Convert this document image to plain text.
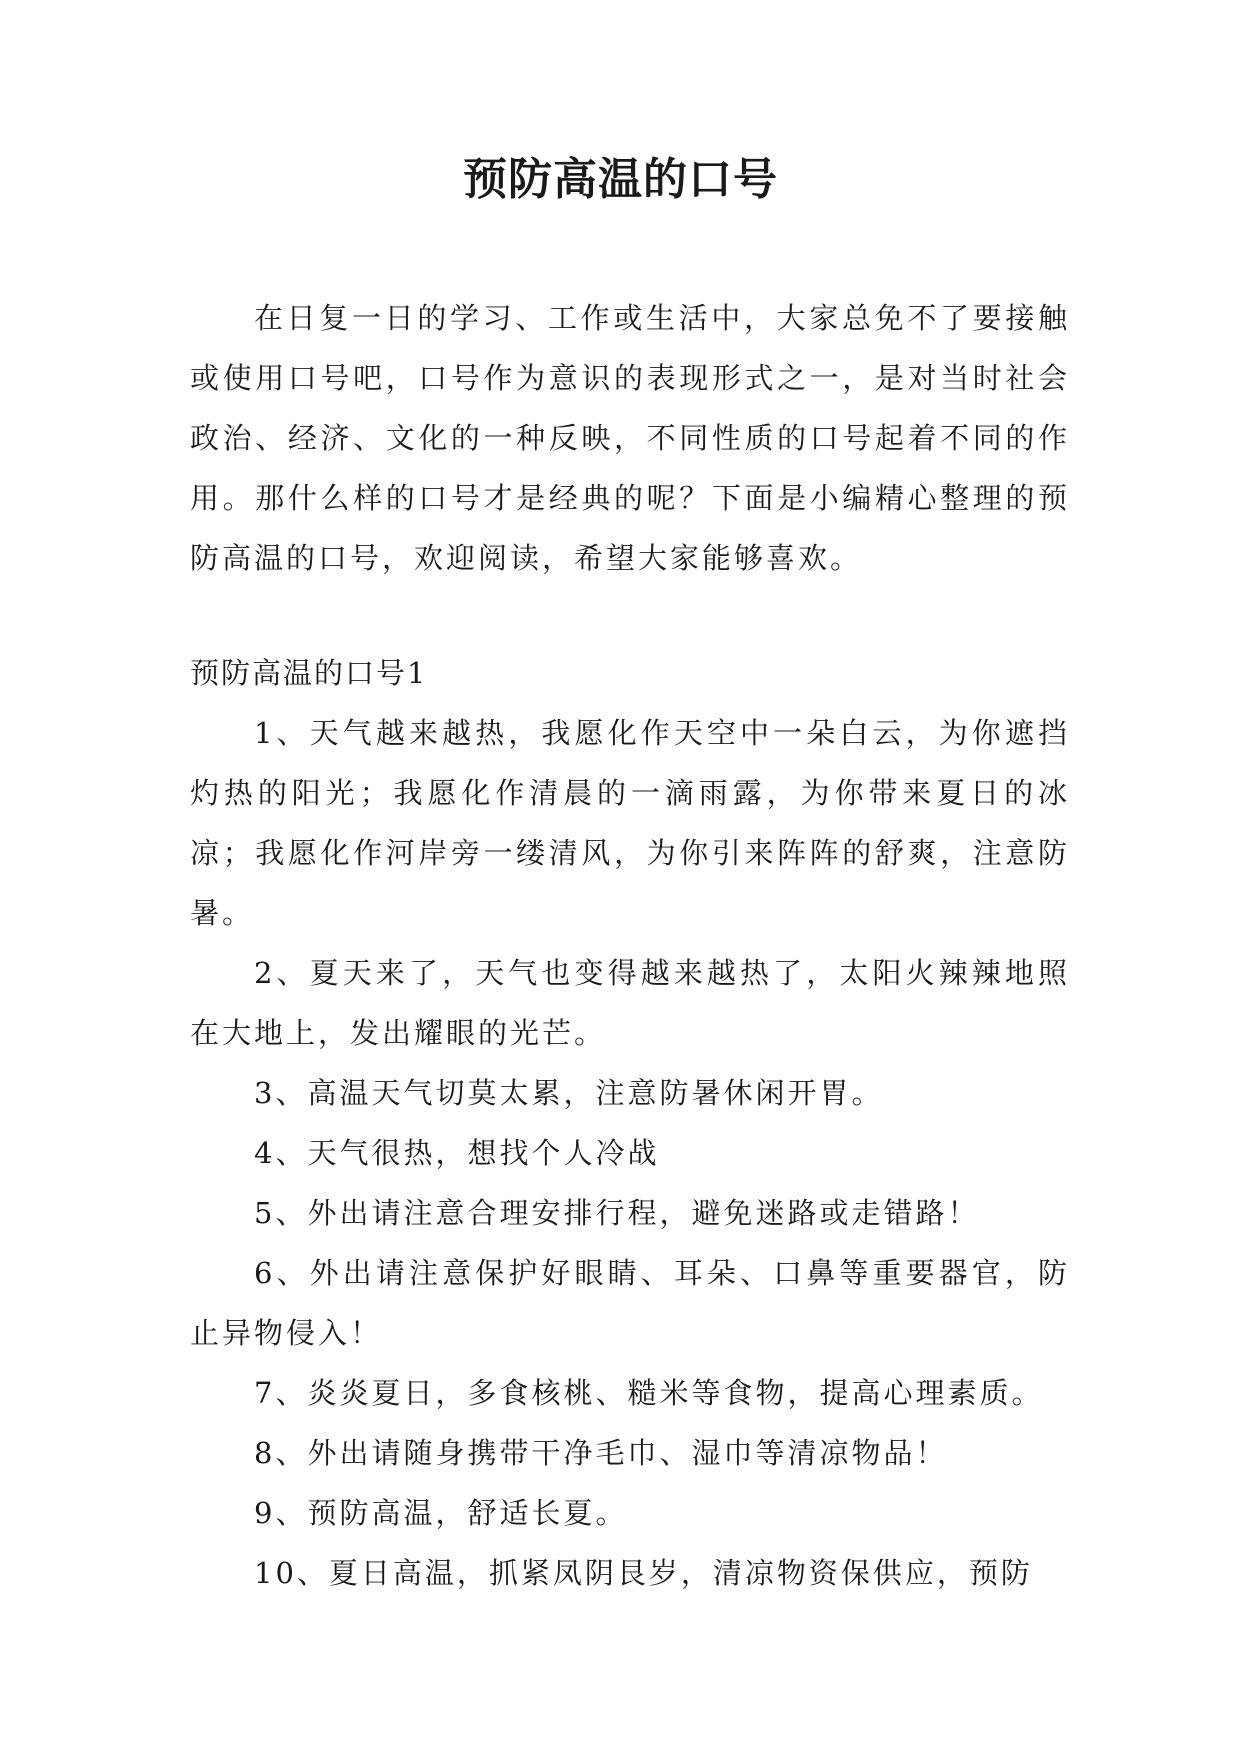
预防高温的口号

在日复一日的学习、工作或生活中，大家总免不了要接触或使用口号吧，口号作为意识的表现形式之一，是对当时社会政治、经济、文化的一种反映，不同性质的口号起着不同的作用。那什么样的口号才是经典的呢？下面是小编精心整理的预防高温的口号，欢迎阅读，希望大家能够喜欢。

预防高温的口号1

1、天气越来越热，我愿化作天空中一朵白云，为你遮挡灼热的阳光；我愿化作清晨的一滴雨露，为你带来夏日的冰凉；我愿化作河岸旁一缕清风，为你引来阵阵的舒爽，注意防暑。

2、夏天来了，天气也变得越来越热了，太阳火辣辣地照在大地上，发出耀眼的光芒。

3、高温天气切莫太累，注意防暑休闲开胃。

4、天气很热，想找个人冷战

5、外出请注意合理安排行程，避免迷路或走错路！

6、外出请注意保护好眼睛、耳朵、口鼻等重要器官，防止异物侵入！

7、炎炎夏日，多食核桃、糙米等食物，提高心理素质。

8、外出请随身携带干净毛巾、湿巾等清凉物品！

9、预防高温，舒适长夏。

10、夏日高温，抓紧凤阴艮岁，清凉物资保供应，预防
